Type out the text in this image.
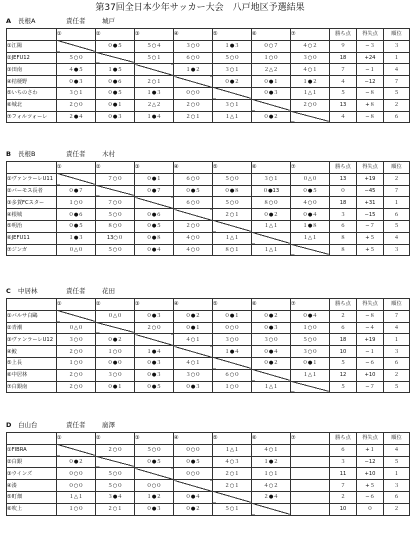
第37回全日本少年サッカー大会　八戸地区予選結果
A 長根A	責任者	城戸
	①	②	③	④	⑤	⑥	⑦	勝ち点	得失点	順位
①江陽		０●５	５○４	３○０	１●３	０○７	４○２	９	−３	３
②JEFU12	５○０		５○１	６○０	５○０	１○０	３○０	18	+24	１
③田南	４●５	１●５		１●２	３○１	２△２	４○１	７	−１	４
④桔梗野	０●３	０●６	２○１		０●２	０●１	１●２	４	−12	７
⑤いちのさわ	３○１	０●５	１●３	０○０		０●３	１△１	５	−８	５
⑥城北	２○０	０●１	２△２	２○０	３○１		２○０	13	+８	２
⑦フォルツォーレ	２●４	０●３	１●４	２○１	１△１	０●２		４	−８	６
B 長根B	責任者	木村
	①	②	③	④	⑤	⑥	⑦	勝ち点	得失点	順位
①ヴァンラーレU11		７○０	０●１	６○０	５○０	３○１	０△０	13	+19	２
②バーモス長者	０●７		０●７	０●５	０●８	０●13	０●５	０	−45	７
③多賀FCスター	１○０	７○０		６○０	５○０	８○０	４○０	18	+31	１
④根城	０●６	５○０	０●６		２○１	０●２	０●４	３	−15	６
⑤明治	０●５	８○０	０●５	２○０		１△１	１●８	６	−７	５
⑥JEFU11	１●３	13○０	０●８	４○０	１△１		１△１	８	+５	４
⑦ジンガ	０△０	５○０	０●４	４○０	８○１	１△１		８	+５	３
C 中居林	責任者	花田
	①	②	③	④	⑤	⑥	⑦	勝ち点	得失点	順位
①バルサ白鷗		０△０	０●３	０●２	０●１	０●２	０●４	２	−８	７
②青潮	０△０		２○０	０●１	０○０	０●３	１○０	６	−４	４
③ヴァンラーレU12	３○０	０●２		４○１	３○０	３○０	５○０	18	+19	１
④鮫	２○０	１○０	１●４		１●４	０●４	３○０	10	−１	３
⑤上長	１○０	０●０	０●３	４○１		０●２	０●１	５	−６	６
⑥中居林	２○０	３○０	０●３	３○０	６○０		１△１	12	+10	２
⑦白銀南	２○０	０●１	０●５	０●３	１○０	１△１		５	−７	５
D 白山台	責任者	廣澤
	①	②	③	④	⑤	⑥	⑦	勝ち点	得失点	順位
①FIBRA		２○０	５○０	０○０	１△１	４○１		６	+１	４
②白銀	０●２		０●５	０●５	４○３	１●２		３	−12	５
③ウインズ	０○０	５○０		０○０	２○１	１○１		11	+10	１
④湊	０○０	５○０	０○０		２○１	４○２		７	+５	３
⑤町畑	１△１	３●４	１●２	０●４		２●４		２	−６	６
⑥吹上	１○０	２○１	０●３	０●２	５○１			10	０	２
